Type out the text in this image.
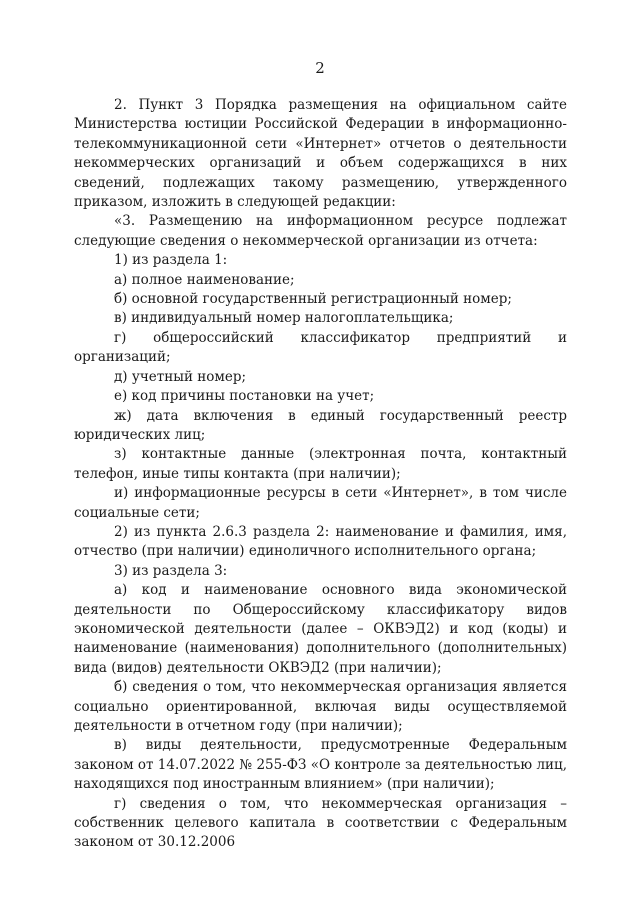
2

2. Пункт 3 Порядка размещения на официальном сайте Министерства юстиции Российской Федерации в информационно-телекоммуникационной сети «Интернет» отчетов о деятельности некоммерческих организаций и объем содержащихся в них сведений, подлежащих такому размещению, утвержденного приказом, изложить в следующей редакции:

«3. Размещению на информационном ресурсе подлежат следующие сведения о некоммерческой организации из отчета:

1) из раздела 1:

а) полное наименование;

б) основной государственный регистрационный номер;

в) индивидуальный номер налогоплательщика;

г) общероссийский классификатор предприятий и организаций;

д) учетный номер;

е) код причины постановки на учет;

ж) дата включения в единый государственный реестр юридических лиц;

з) контактные данные (электронная почта, контактный телефон, иные типы контакта (при наличии);

и) информационные ресурсы в сети «Интернет», в том числе социальные сети;

2) из пункта 2.6.3 раздела 2: наименование и фамилия, имя, отчество (при наличии) единоличного исполнительного органа;

3) из раздела 3:

а) код и наименование основного вида экономической деятельности по Общероссийскому классификатору видов экономической деятельности (далее – ОКВЭД2) и код (коды) и наименование (наименования) дополнительного (дополнительных) вида (видов) деятельности ОКВЭД2 (при наличии);

б) сведения о том, что некоммерческая организация является социально ориентированной, включая виды осуществляемой деятельности в отчетном году (при наличии);

в) виды деятельности, предусмотренные Федеральным законом от 14.07.2022 № 255-ФЗ «О контроле за деятельностью лиц, находящихся под иностранным влиянием» (при наличии);

г) сведения о том, что некоммерческая организация – собственник целевого капитала в соответствии с Федеральным законом от 30.12.2006
